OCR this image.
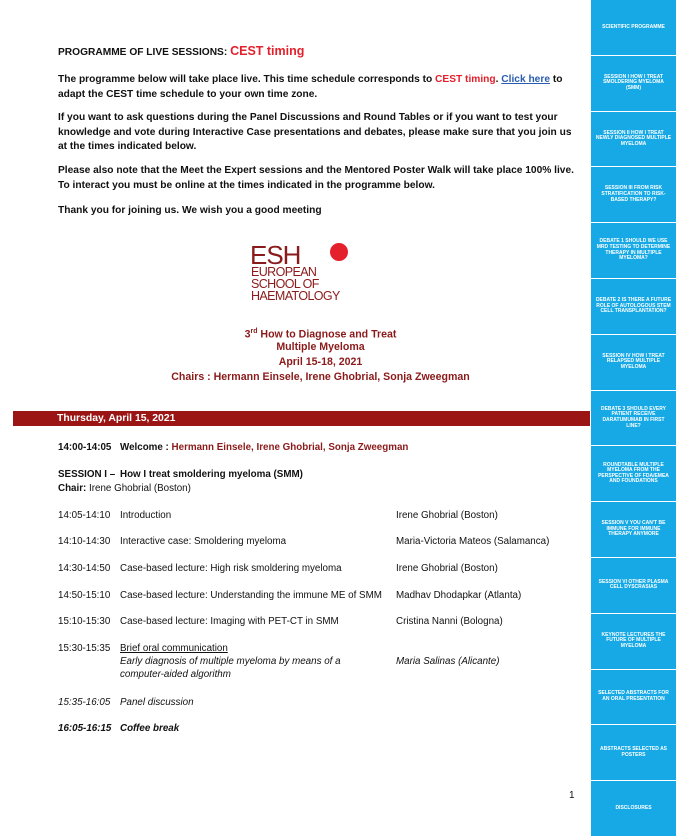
PROGRAMME OF LIVE SESSIONS: CEST timing
The programme below will take place live. This time schedule corresponds to CEST timing. Click here to adapt the CEST time schedule to your own time zone.
If you want to ask questions during the Panel Discussions and Round Tables or if you want to test your knowledge and vote during Interactive Case presentations and debates, please make sure that you join us at the times indicated below.
Please also note that the Meet the Expert sessions and the Mentored Poster Walk will take place 100% live. To interact you must be online at the times indicated in the programme below.
Thank you for joining us. We wish you a good meeting
ESH
EUROPEAN
SCHOOL OF
HAEMATOLOGY
3rd How to Diagnose and Treat
Multiple Myeloma
April 15-18, 2021
Chairs : Hermann Einsele, Irene Ghobrial, Sonja Zweegman
Thursday, April 15, 2021
14:00-14:05 Welcome : Hermann Einsele, Irene Ghobrial, Sonja Zweegman
SESSION I – How I treat smoldering myeloma (SMM)
Chair: Irene Ghobrial (Boston)
14:05-14:10 Introduction	Irene Ghobrial (Boston)
14:10-14:30 Interactive case: Smoldering myeloma	Maria-Victoria Mateos (Salamanca)
14:30-14:50 Case-based lecture: High risk smoldering myeloma	Irene Ghobrial (Boston)
14:50-15:10 Case-based lecture: Understanding the immune ME of SMM	Madhav Dhodapkar (Atlanta)
15:10-15:30 Case-based lecture: Imaging with PET-CT in SMM	Cristina Nanni (Bologna)
15:30-15:35 Brief oral communication
Early diagnosis of multiple myeloma by means of a computer-aided algorithm
Maria Salinas (Alicante)
15:35-16:05 Panel discussion
16:05-16:15 Coffee break
1
SCIENTIFIC PROGRAMME
SESSION I HOW I TREAT SMOLDERING MYELOMA (SMM)
SESSION II HOW I TREAT NEWLY DIAGNOSED MULTIPLE MYELOMA
SESSION III FROM RISK STRATIFICATION TO RISK-BASED THERAPY?
DEBATE 1 SHOULD WE USE MRD TESTING TO DETERMINE THERAPY IN MULTIPLE MYELOMA?
DEBATE 2 IS THERE A FUTURE ROLE OF AUTOLOGOUS STEM CELL TRANSPLANTATION?
SESSION IV HOW I TREAT RELAPSED MULTIPLE MYELOMA
DEBATE 3 SHOULD EVERY PATIENT RECEIVE DARATUMUMAB IN FIRST LINE?
ROUNDTABLE MULTIPLE MYELOMA FROM THE PERSPECTIVE OF FDA/EMEA AND FOUNDATIONS
SESSION V YOU CAN'T BE IMMUNE FOR IMMUNE THERAPY ANYMORE
SESSION VI OTHER PLASMA CELL DYSCRASIAS
KEYNOTE LECTURES THE FUTURE OF MULTIPLE MYELOMA
SELECTED ABSTRACTS FOR AN ORAL PRESENTATION
ABSTRACTS SELECTED AS POSTERS
DISCLOSURES
